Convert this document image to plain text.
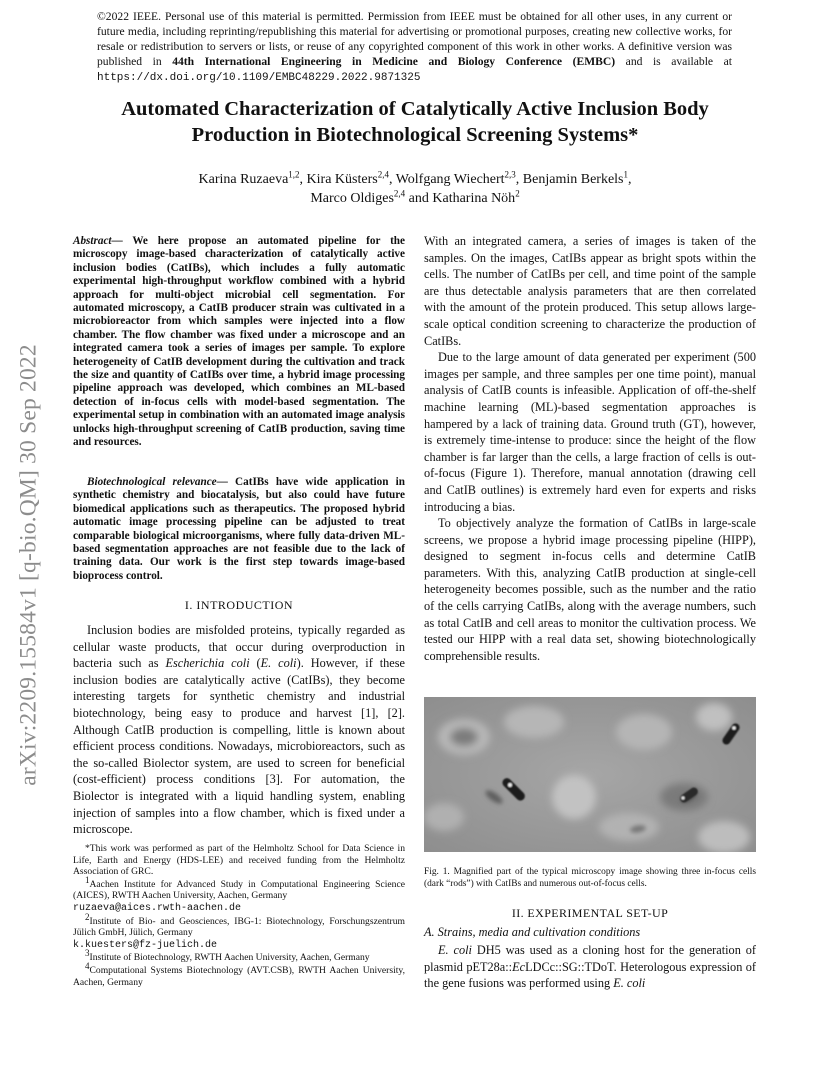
arXiv:2209.15584v1 [q-bio.QM] 30 Sep 2022
©2022 IEEE. Personal use of this material is permitted. Permission from IEEE must be obtained for all other uses, in any current or future media, including reprinting/republishing this material for advertising or promotional purposes, creating new collective works, for resale or redistribution to servers or lists, or reuse of any copyrighted component of this work in other works. A definitive version was published in 44th International Engineering in Medicine and Biology Conference (EMBC) and is available at https://dx.doi.org/10.1109/EMBC48229.2022.9871325
Automated Characterization of Catalytically Active Inclusion Body Production in Biotechnological Screening Systems*
Karina Ruzaeva$^{1,2}$, Kira Küsters$^{2,4}$, Wolfgang Wiechert$^{2,3}$, Benjamin Berkels$^1$,
Marco Oldiges$^{2,4}$ and Katharina Nöh$^2$
Abstract— We here propose an automated pipeline for the microscopy image-based characterization of catalytically active inclusion bodies (CatIBs), which includes a fully automatic experimental high-throughput workflow combined with a hybrid approach for multi-object microbial cell segmentation. For automated microscopy, a CatIB producer strain was cultivated in a microbioreactor from which samples were injected into a flow chamber. The flow chamber was fixed under a microscope and an integrated camera took a series of images per sample. To explore heterogeneity of CatIB development during the cultivation and track the size and quantity of CatIBs over time, a hybrid image processing pipeline approach was developed, which combines an ML-based detection of in-focus cells with model-based segmentation. The experimental setup in combination with an automated image analysis unlocks high-throughput screening of CatIB production, saving time and resources.
Biotechnological relevance— CatIBs have wide application in synthetic chemistry and biocatalysis, but also could have future biomedical applications such as therapeutics. The proposed hybrid automatic image processing pipeline can be adjusted to treat comparable biological microorganisms, where fully data-driven ML-based segmentation approaches are not feasible due to the lack of training data. Our work is the first step towards image-based bioprocess control.
I. INTRODUCTION

Inclusion bodies are misfolded proteins, typically regarded as cellular waste products, that occur during overproduction in bacteria such as Escherichia coli (E. coli). However, if these inclusion bodies are catalytically active (CatIBs), they become interesting targets for synthetic chemistry and industrial biotechnology, being easy to produce and harvest [1], [2]. Although CatIB production is compelling, little is known about efficient process conditions. Nowadays, microbioreactors, such as the so-called Biolector system, are used to screen for beneficial (cost-efficient) process conditions [3]. For automation, the Biolector is integrated with a liquid handling system, enabling injection of samples into a flow chamber, which is fixed under a microscope.

*This work was performed as part of the Helmholtz School for Data Science in Life, Earth and Energy (HDS-LEE) and received funding from the Helmholtz Association of GRC.
$^1$Aachen Institute for Advanced Study in Computational Engineering Science (AICES), RWTH Aachen University, Aachen, Germany
ruzaeva@aices.rwth-aachen.de
$^2$Institute of Bio- and Geosciences, IBG-1: Biotechnology, Forschungszentrum Jülich GmbH, Jülich, Germany
k.kuesters@fz-juelich.de
$^3$Institute of Biotechnology, RWTH Aachen University, Aachen, Germany
$^4$Computational Systems Biotechnology (AVT.CSB), RWTH Aachen University, Aachen, Germany

With an integrated camera, a series of images is taken of the samples. On the images, CatIBs appear as bright spots within the cells. The number of CatIBs per cell, and time point of the sample are thus detectable analysis parameters that are then correlated with the amount of the protein produced. This setup allows large-scale optical condition screening to characterize the production of CatIBs.

Due to the large amount of data generated per experiment (500 images per sample, and three samples per one time point), manual analysis of CatIB counts is infeasible. Application of off-the-shelf machine learning (ML)-based segmentation approaches is hampered by a lack of training data. Ground truth (GT), however, is extremely time-intense to produce: since the height of the flow chamber is far larger than the cells, a large fraction of cells is out-of-focus (Figure 1). Therefore, manual annotation (drawing cell and CatIB outlines) is extremely hard even for experts and risks introducing a bias.

To objectively analyze the formation of CatIBs in large-scale screens, we propose a hybrid image processing pipeline (HIPP), designed to segment in-focus cells and determine CatIB parameters. With this, analyzing CatIB production at single-cell heterogeneity becomes possible, such as the number and the ratio of the cells carrying CatIBs, along with the average numbers, such as total CatIB and cell areas to monitor the cultivation process. We tested our HIPP with a real data set, showing biotechnologically comprehensible results.

Fig. 1. Magnified part of the typical microscopy image showing three in-focus cells (dark “rods”) with CatIBs and numerous out-of-focus cells.
II. EXPERIMENTAL SET-UP
A. Strains, media and cultivation conditions

E. coli DH5 was used as a cloning host for the generation of plasmid pET28a::EcLDCc::SG::TDoT. Heterologous expression of the gene fusions was performed using E. coli
